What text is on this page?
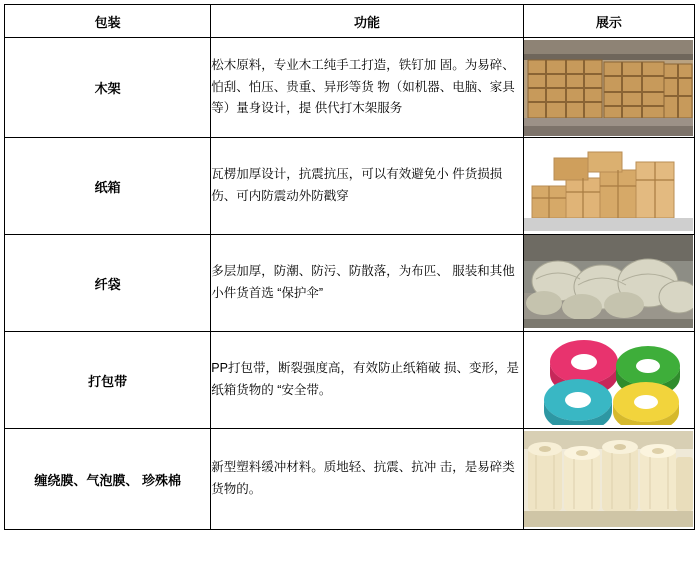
包装	功能	展示
木架	松木原料，专业木工纯手工打造，铁钉加 固。为易碎、怕刮、怕压、贵重、异形等货 物（如机器、电脑、家具等）量身设计，提 供代打木架服务	

纸箱	瓦楞加厚设计，抗震抗压，可以有效避免小 件货损损伤、可内防震动外防戳穿	

纤袋	多层加厚，防潮、防污、防散落，为布匹、 服装和其他小件货首选 “保护伞”	

打包带	PP打包带，断裂强度高，有效防止纸箱破 损、变形，是纸箱货物的 “安全带。	

缠绕膜、气泡膜、 珍殊棉	新型塑料缓冲材料。质地轻、抗震、抗冲 击，是易碎类货物的。	
